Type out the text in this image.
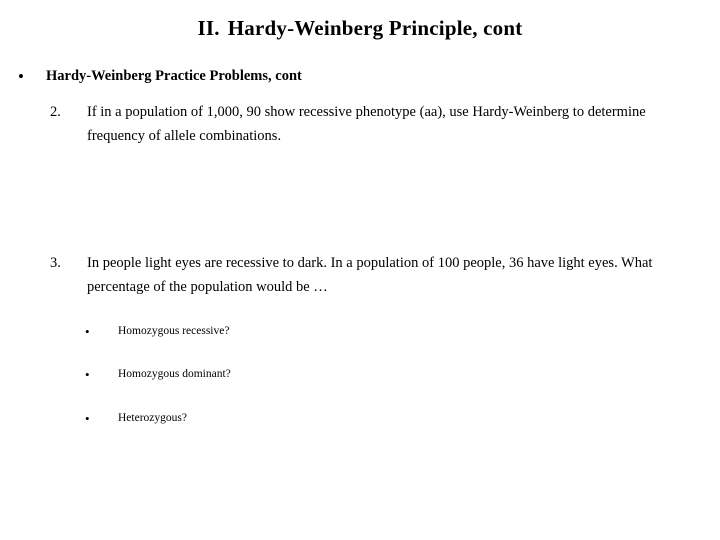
II. Hardy-Weinberg Principle, cont
• Hardy-Weinberg Practice Problems, cont
2. If in a population of 1,000, 90 show recessive phenotype (aa), use Hardy-Weinberg to determine frequency of allele combinations.
3. In people light eyes are recessive to dark. In a population of 100 people, 36 have light eyes. What percentage of the population would be …
• Homozygous recessive?
• Homozygous dominant?
• Heterozygous?
